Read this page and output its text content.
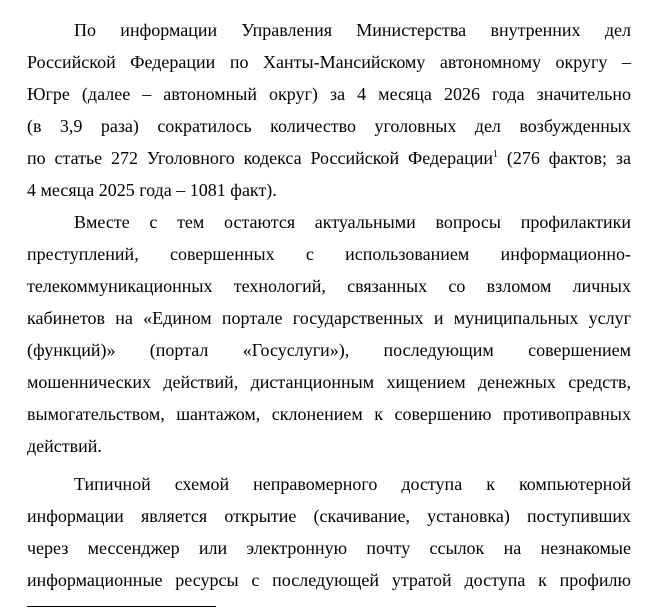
По информации Управления Министерства внутренних дел
Российской Федерации по Ханты-Мансийскому автономному округу –
Югре (далее – автономный округ) за 4 месяца 2026 года значительно
(в 3,9 раза) сократилось количество уголовных дел возбужденных
по статье 272 Уголовного кодекса Российской Федерации$^1$ (276 фактов; за
4 месяца 2025 года – 1081 факт).
Вместе с тем остаются актуальными вопросы профилактики
преступлений, совершенных с использованием информационно-
телекоммуникационных технологий, связанных со взломом личных
кабинетов на «Едином портале государственных и муниципальных услуг
(функций)» (портал «Госуслуги»), последующим совершением
мошеннических действий, дистанционным хищением денежных средств,
вымогательством, шантажом, склонением к совершению противоправных
действий.
Типичной схемой неправомерного доступа к компьютерной
информации является открытие (скачивание, установка) поступивших
через мессенджер или электронную почту ссылок на незнакомые
информационные ресурсы с последующей утратой доступа к профилю
